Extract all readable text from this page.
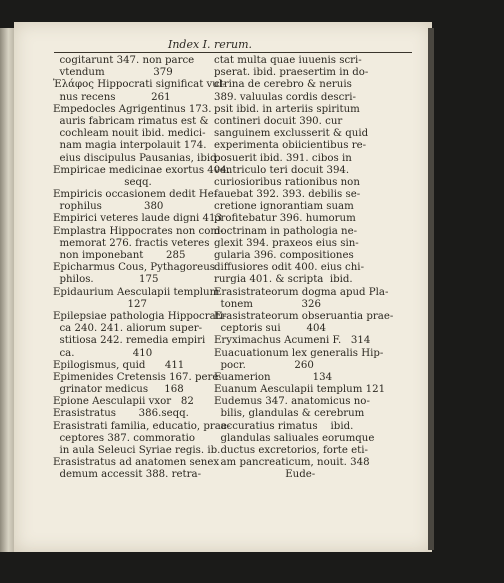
Index I. rerum.
cogitarunt 347. non parce
vtendum               379
Ἐλάφος Hippocrati significat vul-
nus recens           261
Empedocles Agrigentinus 173.
auris fabricam rimatus est &
cochleam nouit ibid. medici-
nam magia interpolauit 174.
eius discipulus Pausanias, ibid.
Empiricae medicinae exortus 404.
seqq.
Empiricis occasionem dedit He-
rophilus             380
Empirici veteres laude digni 413
Emplastra Hippocrates non com-
memorat 276. fractis veteres
non imponebant       285
Epicharmus Cous, Pythagoreus
philos.              175
Epidaurium Aesculapii templum
127
Epilepsiae pathologia Hippocrati-
ca 240. 241. aliorum super-
stitiosa 242. remedia empiri
ca.                  410
Epilogismus, quid      411
Epimenides Cretensis 167. pere-
grinator medicus     168
Epione Aesculapii vxor   82
Erasistratus       386.seqq.
Erasistrati familia, educatio, prae-
ceptores 387. commoratio
in aula Seleuci Syriae regis. ib.
Erasistratus ad anatomen senex
demum accessit 388. retra-
ctat multa quae iuuenis scri-
pserat. ibid. praesertim in do-
ctrina de cerebro & neruis
389. valuulas cordis descri-
psit ibid. in arteriis spiritum
contineri docuit 390. cur
sanguinem exclusserit & quid
experimenta obiicientibus re-
posuerit ibid. 391. cibos in
ventriculo teri docuit 394.
curiosioribus rationibus non
fauebat 392. 393. debilis se-
cretione ignorantiam suam
profitebatur 396. humorum
doctrinam in pathologia ne-
glexit 394. praxeos eius sin-
gularia 396. compositiones
diffusiores odit 400. eius chi-
rurgia 401. & scripta  ibid.
Erasistrateorum dogma apud Pla-
tonem               326
Erasistrateorum obseruantia prae-
ceptoris sui        404
Eryximachus Acumeni F.   314
Euacuationum lex generalis Hip-
pocr.               260
Euamerion             134
Euanum Aesculapii templum 121
Eudemus 347. anatomicus no-
bilis, glandulas & cerebrum
accuratius rimatus    ibid.
glandulas saliuales eorumque
ductus excretorios, forte eti-
am pancreaticum, nouit. 348
Eude-
